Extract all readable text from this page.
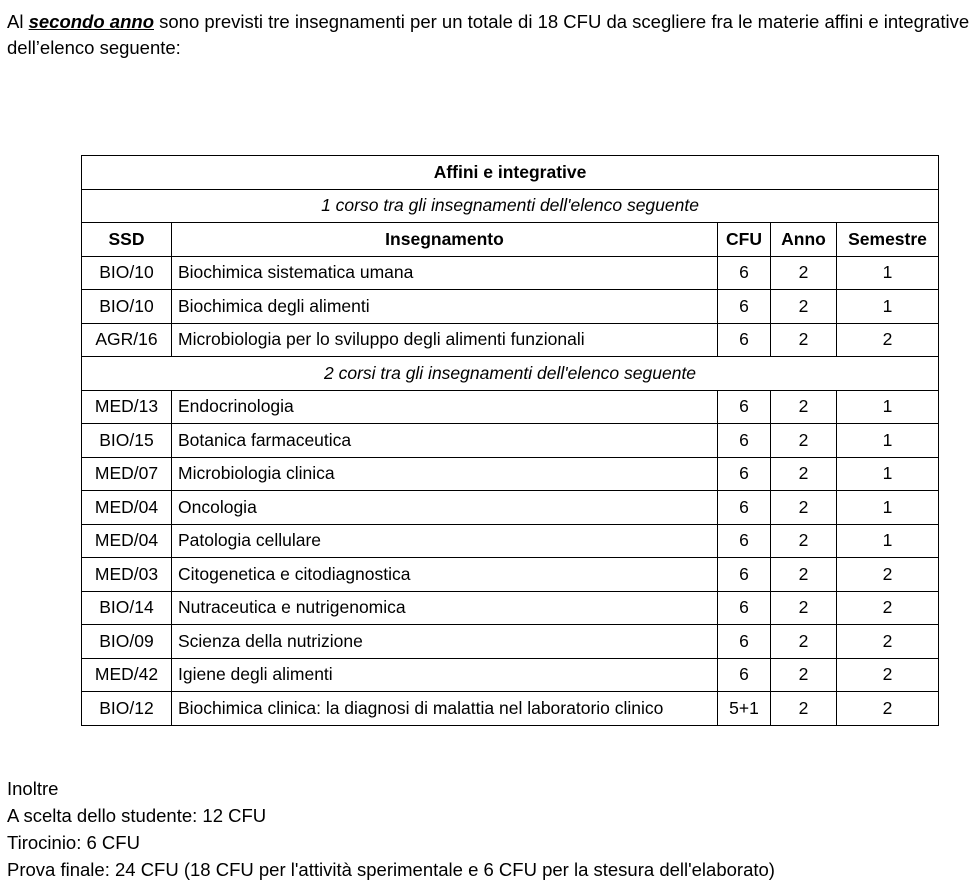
Al secondo anno sono previsti tre insegnamenti per un totale di 18 CFU da scegliere fra le materie affini e integrative dell’elenco seguente:
Affini e integrative				
1 corso tra gli insegnamenti dell'elenco seguente				
SSD	Insegnamento	CFU	Anno	Semestre
BIO/10	Biochimica sistematica umana	6	2	1
BIO/10	Biochimica degli alimenti	6	2	1
AGR/16	Microbiologia per lo sviluppo degli alimenti funzionali	6	2	2
2 corsi tra gli insegnamenti dell'elenco seguente				
MED/13	Endocrinologia	6	2	1
BIO/15	Botanica farmaceutica	6	2	1
MED/07	Microbiologia clinica	6	2	1
MED/04	Oncologia	6	2	1
MED/04	Patologia cellulare	6	2	1
MED/03	Citogenetica e citodiagnostica	6	2	2
BIO/14	Nutraceutica e nutrigenomica	6	2	2
BIO/09	Scienza della nutrizione	6	2	2
MED/42	Igiene degli alimenti	6	2	2
BIO/12	Biochimica clinica: la diagnosi di malattia nel laboratorio clinico	5+1	2	2
Inoltre
A scelta dello studente: 12 CFU
Tirocinio: 6 CFU
Prova finale: 24 CFU (18 CFU per l'attività sperimentale e 6 CFU per la stesura dell'elaborato)
